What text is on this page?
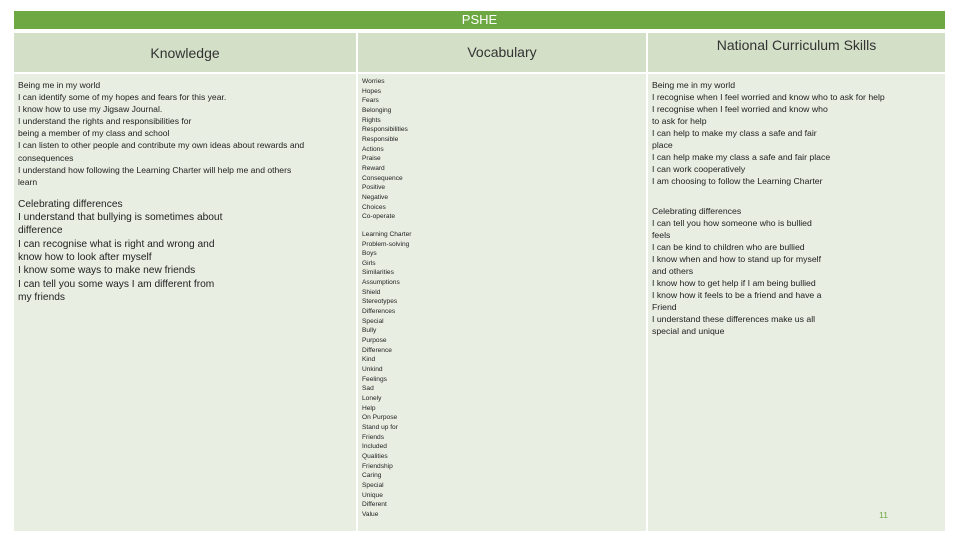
PSHE
Knowledge	Vocabulary	National Curriculum Skills
Being me in my world
I can identify some of my hopes and fears for this year.
I know how to use my Jigsaw Journal.
I understand the rights and responsibilities for
being a member of my class and school
I can listen to other people and contribute my own ideas about rewards and
consequences
I understand how following the Learning Charter will help me and others
learn
Celebrating differences
I understand that bullying is sometimes about
difference
I can recognise what is right and wrong and
know how to look after myself
I know some ways to make new friends
I can tell you some ways I am different from
my friends
Worries
Hopes
Fears
Belonging
Rights
Responsibilities
Responsible
Actions
Praise
Reward
Consequence
Positive
Negative
Choices
Co-operate
Learning Charter
Problem-solving
Boys
Girls
Similarities
Assumptions
Shield
Stereotypes
Differences
Special
Bully
Purpose
Difference
Kind
Unkind
Feelings
Sad
Lonely
Help
On Purpose
Stand up for
Friends
Included
Qualities
Friendship
Caring
Special
Unique
Different
Value
Being me in my world
I recognise when I feel worried and know who to ask for help
I recognise when I feel worried and know who
to ask for help
I can help to make my class a safe and fair
place
I can help make my class a safe and fair place
I can work cooperatively
I am choosing to follow the Learning Charter
Celebrating differences
I can tell you how someone who is bullied
feels
I can be kind to children who are bullied
I know when and how to stand up for myself
and others
I know how to get help if I am being bullied
I know how it feels to be a friend and have a
Friend
I understand these differences make us all
special and unique
11
